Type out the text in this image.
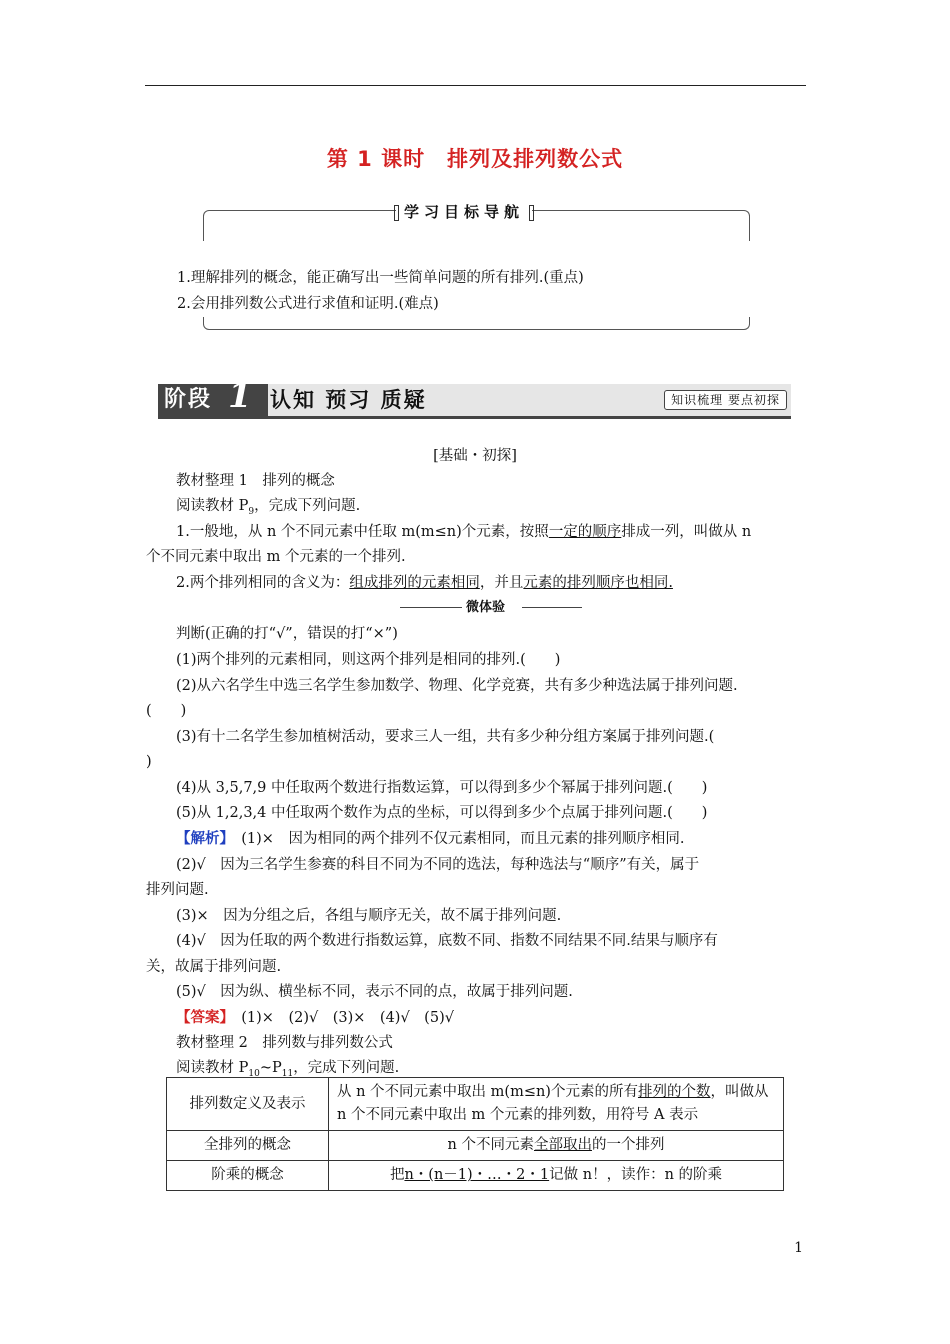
第 1 课时　排列及排列数公式
学习目标导航
1.理解排列的概念，能正确写出一些简单问题的所有排列.(重点)
2.会用排列数公式进行求值和证明.(难点)
阶段 1 认知 预习 质疑	知识梳理 要点初探
[基础・初探]
教材整理 1　排列的概念
阅读教材 $P_9$，完成下列问题.
1.一般地，从 n 个不同元素中任取 m(m≤n)个元素，按照一定的顺序排成一列，叫做从 n
个不同元素中取出 m 个元素的一个排列.
2.两个排列相同的含义为：组成排列的元素相同，并且元素的排列顺序也相同.
微体验
判断(正确的打“√”，错误的打“×”)
(1)两个排列的元素相同，则这两个排列是相同的排列.(　　)
(2)从六名学生中选三名学生参加数学、物理、化学竞赛，共有多少种选法属于排列问题.
(　　)
(3)有十二名学生参加植树活动，要求三人一组，共有多少种分组方案属于排列问题.(
)
(4)从 3,5,7,9 中任取两个数进行指数运算，可以得到多少个幂属于排列问题.(　　)
(5)从 1,2,3,4 中任取两个数作为点的坐标，可以得到多少个点属于排列问题.(　　)
【解析】　 (1)×　因为相同的两个排列不仅元素相同，而且元素的排列顺序相同.
(2)√　因为三名学生参赛的科目不同为不同的选法，每种选法与“顺序”有关，属于
排列问题.
(3)×　因为分组之后，各组与顺序无关，故不属于排列问题.
(4)√　因为任取的两个数进行指数运算，底数不同、指数不同结果不同.结果与顺序有
关，故属于排列问题.
(5)√　因为纵、横坐标不同，表示不同的点，故属于排列问题.
【答案】　 (1)×　(2)√　(3)×　(4)√　(5)√
教材整理 2　排列数与排列数公式
阅读教材 $P_{10}\sim P_{11}$，完成下列问题.
排列数定义及表示	从 n 个不同元素中取出 m(m≤n)个元素的所有排列的个数，叫做从 n 个不同元素中取出 m 个元素的排列数，用符号 A 表示
全排列的概念	n 个不同元素全部取出的一个排列
阶乘的概念	把n・(n－1)・…・2・1记做 n！，读作：n 的阶乘
1
